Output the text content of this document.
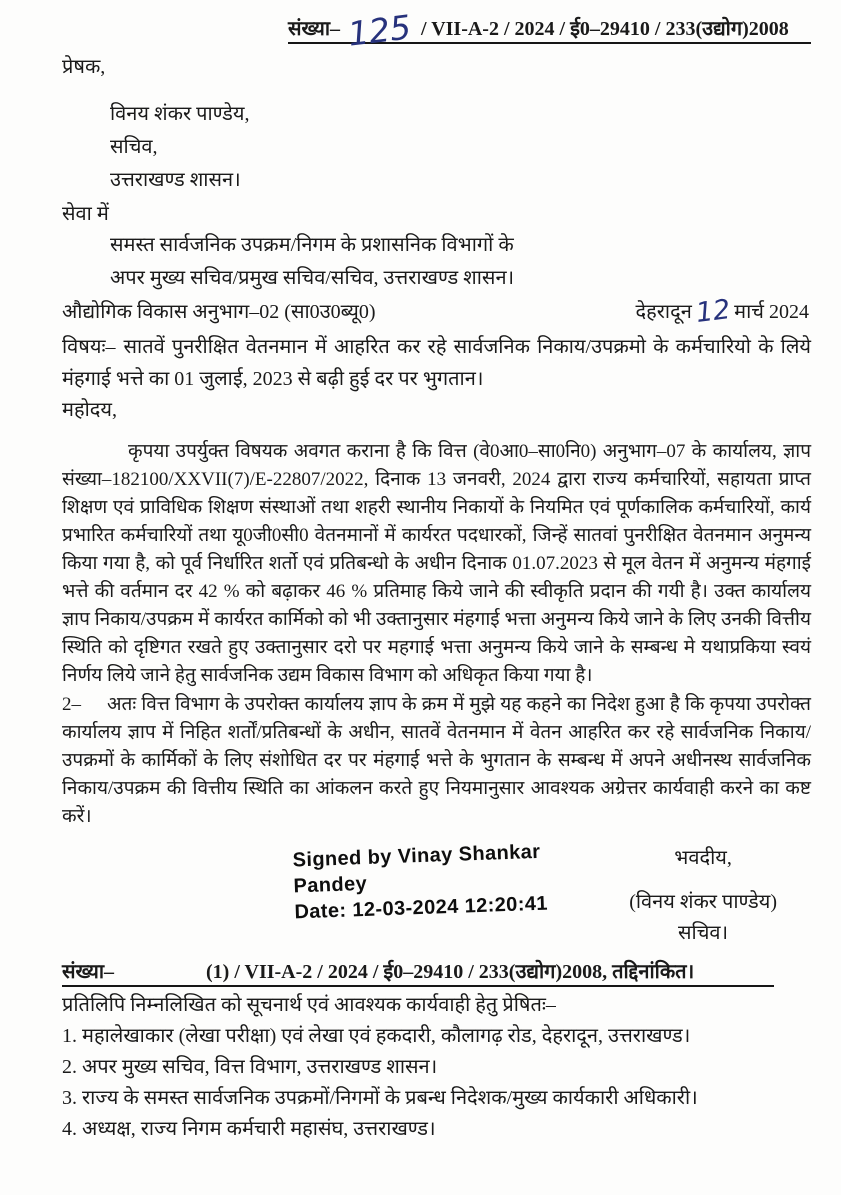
संख्या– 125 / VII-A-2 / 2024 / ई0–29410 / 233(उद्योग)2008
प्रेषक,
विनय शंकर पाण्डेय,
सचिव,
उत्तराखण्ड शासन।
सेवा में
समस्त सार्वजनिक उपक्रम/निगम के प्रशासनिक विभागों के
अपर मुख्य सचिव/प्रमुख सचिव/सचिव, उत्तराखण्ड शासन।
औद्योगिक विकास अनुभाग–02 (सा0उ0ब्यू0)	देहरादून 12 मार्च 2024

विषयः– सातवें पुनरीक्षित वेतनमान में आहरित कर रहे सार्वजनिक निकाय/उपक्रमो के कर्मचारियो के लिये मंहगाई भत्ते का 01 जुलाई, 2023 से बढ़ी हुई दर पर भुगतान।

महोदय,

कृपया उपर्युक्त विषयक अवगत कराना है कि वित्त (वे0आ0–सा0नि0) अनुभाग–07 के कार्यालय, ज्ञाप संख्या–182100/XXVII(7)/E-22807/2022, दिनाक 13 जनवरी, 2024 द्वारा राज्य कर्मचारियों, सहायता प्राप्त शिक्षण एवं प्राविधिक शिक्षण संस्थाओं तथा शहरी स्थानीय निकायों के नियमित एवं पूर्णकालिक कर्मचारियों, कार्य प्रभारित कर्मचारियों तथा यू0जी0सी0 वेतनमानों में कार्यरत पदधारकों, जिन्हें सातवां पुनरीक्षित वेतनमान अनुमन्य किया गया है, को पूर्व निर्धारित शर्तो एवं प्रतिबन्धो के अधीन दिनाक 01.07.2023 से मूल वेतन में अनुमन्य मंहगाई भत्ते की वर्तमान दर 42 % को बढ़ाकर 46 % प्रतिमाह किये जाने की स्वीकृति प्रदान की गयी है। उक्त कार्यालय ज्ञाप निकाय/उपक्रम में कार्यरत कार्मिको को भी उक्तानुसार मंहगाई भत्ता अनुमन्य किये जाने के लिए उनकी वित्तीय स्थिति को दृष्टिगत रखते हुए उक्तानुसार दरो पर महगाई भत्ता अनुमन्य किये जाने के सम्बन्ध मे यथाप्रकिया स्वयं निर्णय लिये जाने हेतु सार्वजनिक उद्यम विकास विभाग को अधिकृत किया गया है।

2– अतः वित्त विभाग के उपरोक्त कार्यालय ज्ञाप के क्रम में मुझे यह कहने का निदेश हुआ है कि कृपया उपरोक्त कार्यालय ज्ञाप में निहित शर्तों/प्रतिबन्धों के अधीन, सातवें वेतनमान में वेतन आहरित कर रहे सार्वजनिक निकाय/उपक्रमों के कार्मिकों के लिए संशोधित दर पर मंहगाई भत्ते के भुगतान के सम्बन्ध में अपने अधीनस्थ सार्वजनिक निकाय/उपक्रम की वित्तीय स्थिति का आंकलन करते हुए नियमानुसार आवश्यक अग्रेत्तर कार्यवाही करने का कष्ट करें।

Signed by Vinay Shankar
Pandey
Date: 12-03-2024 12:20:41
भवदीय,
(विनय शंकर पाण्डेय)
सचिव।
संख्या–	(1) / VII-A-2 / 2024 / ई0–29410 / 233(उद्योग)2008, तद्दिनांकित।

प्रतिलिपि निम्नलिखित को सूचनार्थ एवं आवश्यक कार्यवाही हेतु प्रेषितः–

1. महालेखाकार (लेखा परीक्षा) एवं लेखा एवं हकदारी, कौलागढ़ रोड, देहरादून, उत्तराखण्ड।
2. अपर मुख्य सचिव, वित्त विभाग, उत्तराखण्ड शासन।
3. राज्य के समस्त सार्वजनिक उपक्रमों/निगमों के प्रबन्ध निदेशक/मुख्य कार्यकारी अधिकारी।
4. अध्यक्ष, राज्य निगम कर्मचारी महासंघ, उत्तराखण्ड।
